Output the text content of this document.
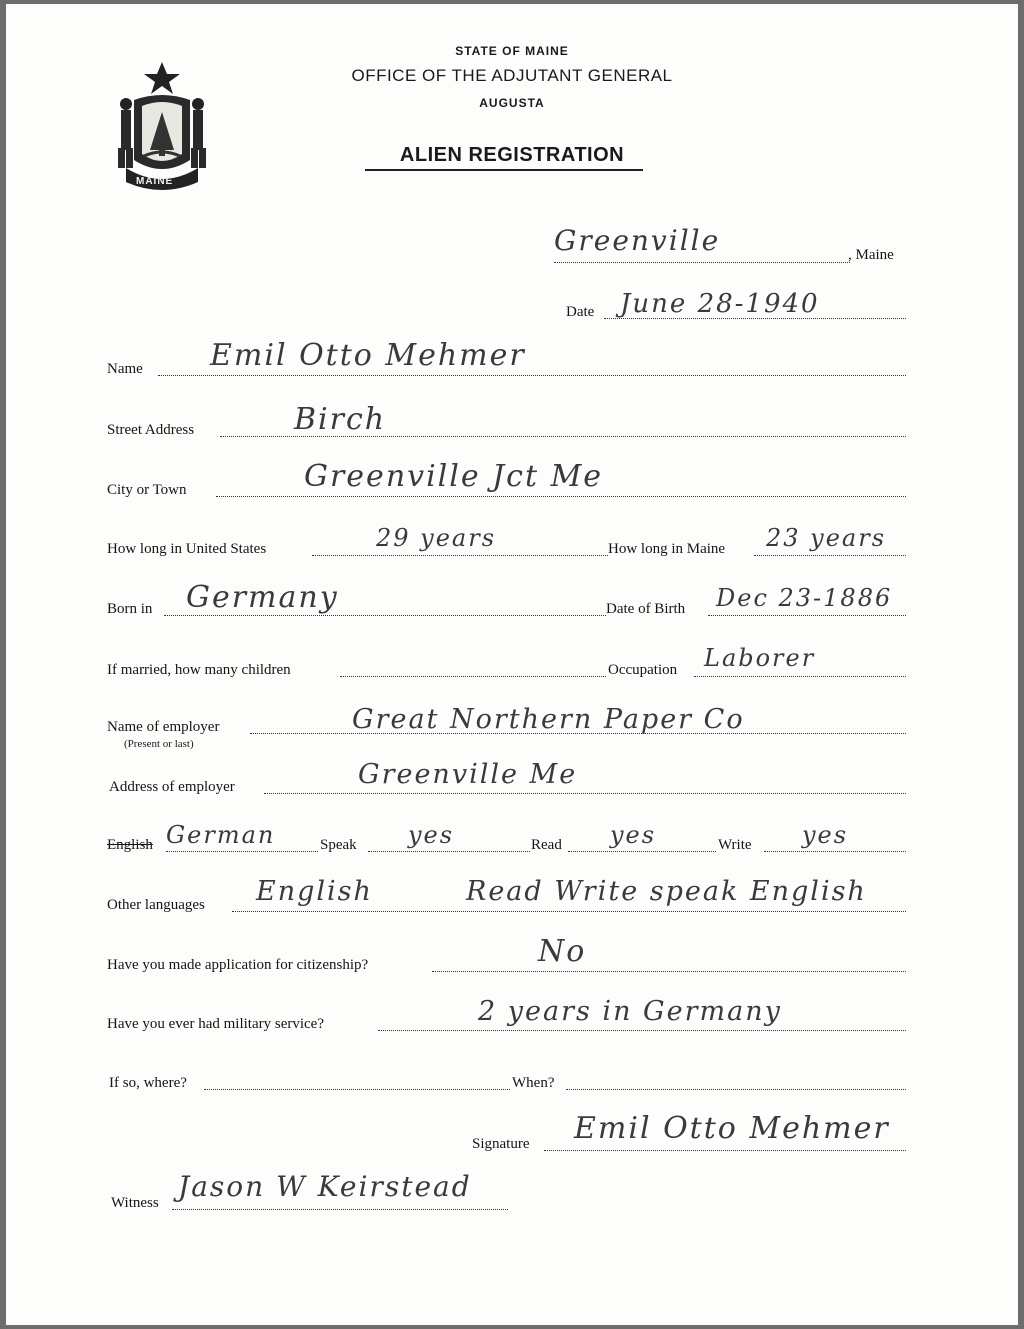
MAINE
STATE OF MAINE
OFFICE OF THE ADJUTANT GENERAL
AUGUSTA
ALIEN REGISTRATION
Greenville	, Maine
Date June 28-1940
Name Emil Otto Mehmer
Street Address	Birch
City or Town	Greenville Jct Me
How long in United States	29 years	How long in Maine 23 years
Born in Germany	Date of Birth Dec 23-1886
If married, how many children	Occupation Laborer
Name of employer
(Present or last)
Great Northern Paper Co
Address of employer	Greenville Me
English German	Speak yes	Read yes	Write yes
Other languages English	Read Write speak English
Have you made application for citizenship?	No
Have you ever had military service?	2 years in Germany
If so, where?	When?
Signature Emil Otto Mehmer
Witness Jason W Keirstead
